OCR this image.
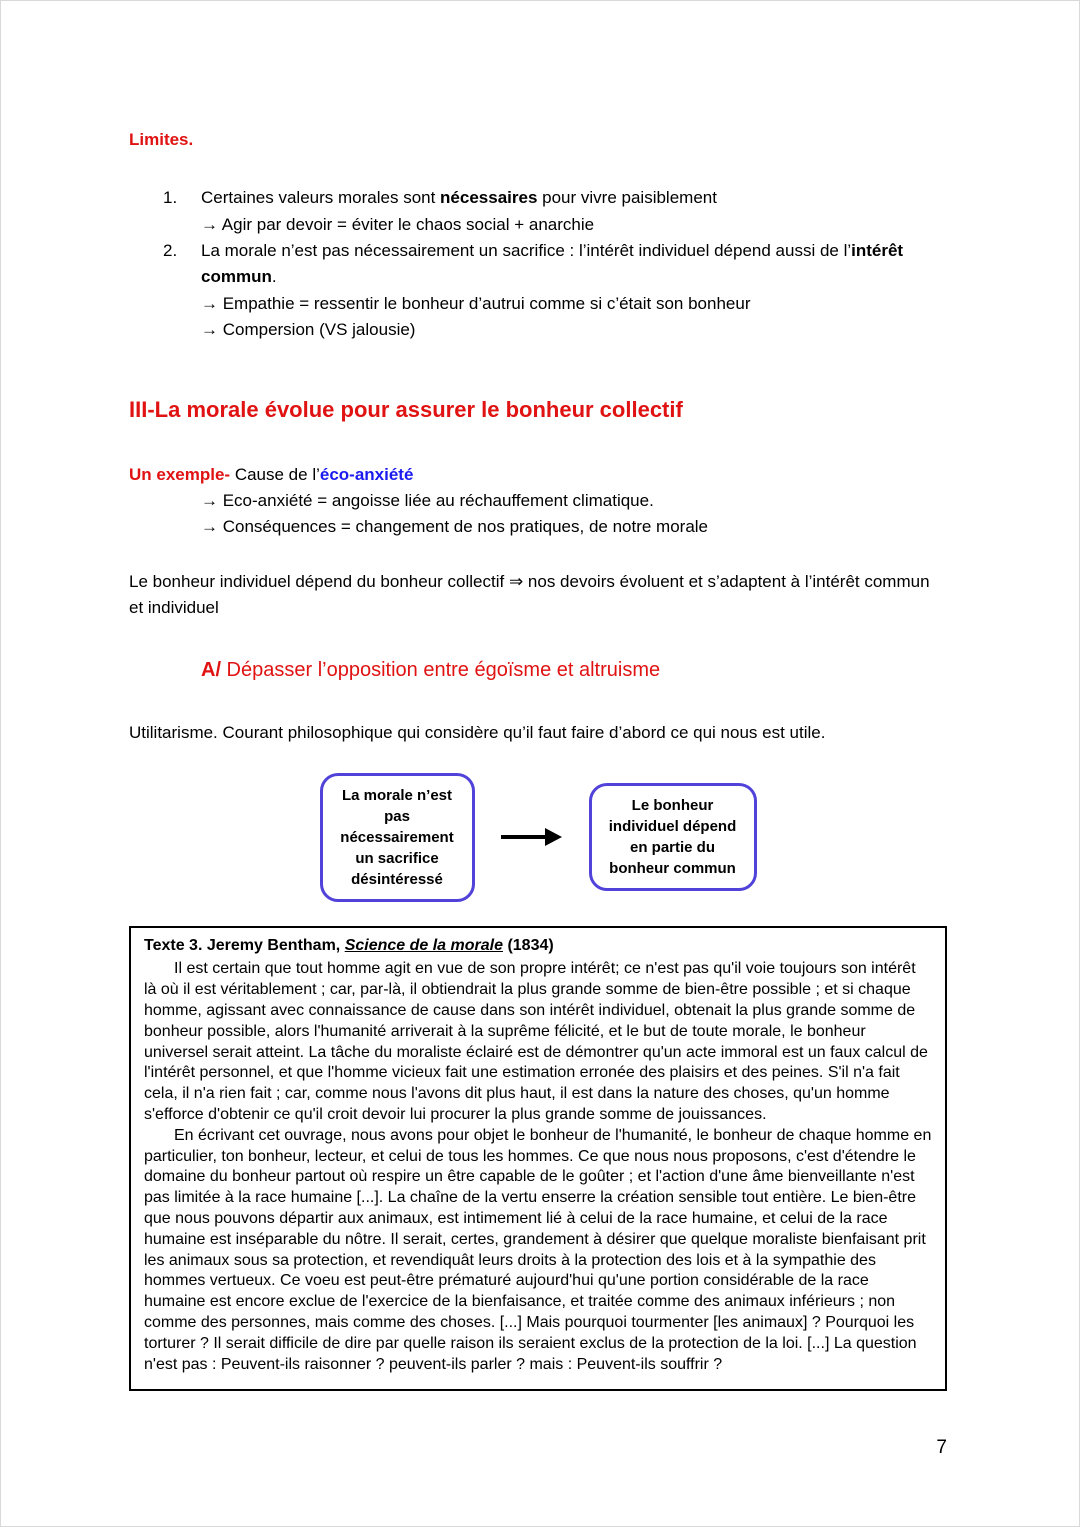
Limites.
1.	Certaines valeurs morales sont nécessaires pour vivre paisiblement
→ Agir par devoir = éviter le chaos social + anarchie
2.	La morale n’est pas nécessairement un sacrifice : l’intérêt individuel dépend aussi de l’intérêt commun.
→ Empathie = ressentir le bonheur d’autrui comme si c’était son bonheur
→ Compersion (VS jalousie)
III-La morale évolue pour assurer le bonheur collectif
Un exemple- Cause de l’éco-anxiété
→ Eco-anxiété = angoisse liée au réchauffement climatique.
→ Conséquences = changement de nos pratiques, de notre morale

Le bonheur individuel dépend du bonheur collectif ⇒ nos devoirs évoluent et s’adaptent à l’intérêt commun et individuel

A/ Dépasser l’opposition entre égoïsme et altruisme

Utilitarisme. Courant philosophique qui considère qu’il faut faire d’abord ce qui nous est utile.

La morale n’est pas nécessairement un sacrifice désintéressé
Le bonheur individuel dépend en partie du bonheur commun
Texte 3. Jeremy Bentham, Science de la morale (1834)

Il est certain que tout homme agit en vue de son propre intérêt; ce n'est pas qu'il voie toujours son intérêt là où il est véritablement ; car, par-là, il obtiendrait la plus grande somme de bien-être possible ; et si chaque homme, agissant avec connaissance de cause dans son intérêt individuel, obtenait la plus grande somme de bonheur possible, alors l'humanité arriverait à la suprême félicité, et le but de toute morale, le bonheur universel serait atteint. La tâche du moraliste éclairé est de démontrer qu'un acte immoral est un faux calcul de l'intérêt personnel, et que l'homme vicieux fait une estimation erronée des plaisirs et des peines. S'il n'a fait cela, il n'a rien fait ; car, comme nous l'avons dit plus haut, il est dans la nature des choses, qu'un homme s'efforce d'obtenir ce qu'il croit devoir lui procurer la plus grande somme de jouissances.

En écrivant cet ouvrage, nous avons pour objet le bonheur de l'humanité, le bonheur de chaque homme en particulier, ton bonheur, lecteur, et celui de tous les hommes. Ce que nous nous proposons, c'est d'étendre le domaine du bonheur partout où respire un être capable de le goûter ; et l'action d'une âme bienveillante n'est pas limitée à la race humaine [...]. La chaîne de la vertu enserre la création sensible tout entière. Le bien-être que nous pouvons départir aux animaux, est intimement lié à celui de la race humaine, et celui de la race humaine est inséparable du nôtre. Il serait, certes, grandement à désirer que quelque moraliste bienfaisant prit les animaux sous sa protection, et revendiquât leurs droits à la protection des lois et à la sympathie des hommes vertueux. Ce voeu est peut-être prématuré aujourd'hui qu'une portion considérable de la race humaine est encore exclue de l'exercice de la bienfaisance, et traitée comme des animaux inférieurs ; non comme des personnes, mais comme des choses. [...] Mais pourquoi tourmenter [les animaux] ? Pourquoi les torturer ? Il serait difficile de dire par quelle raison ils seraient exclus de la protection de la loi. [...] La question n'est pas : Peuvent-ils raisonner ? peuvent-ils parler ? mais : Peuvent-ils souffrir ?

7
